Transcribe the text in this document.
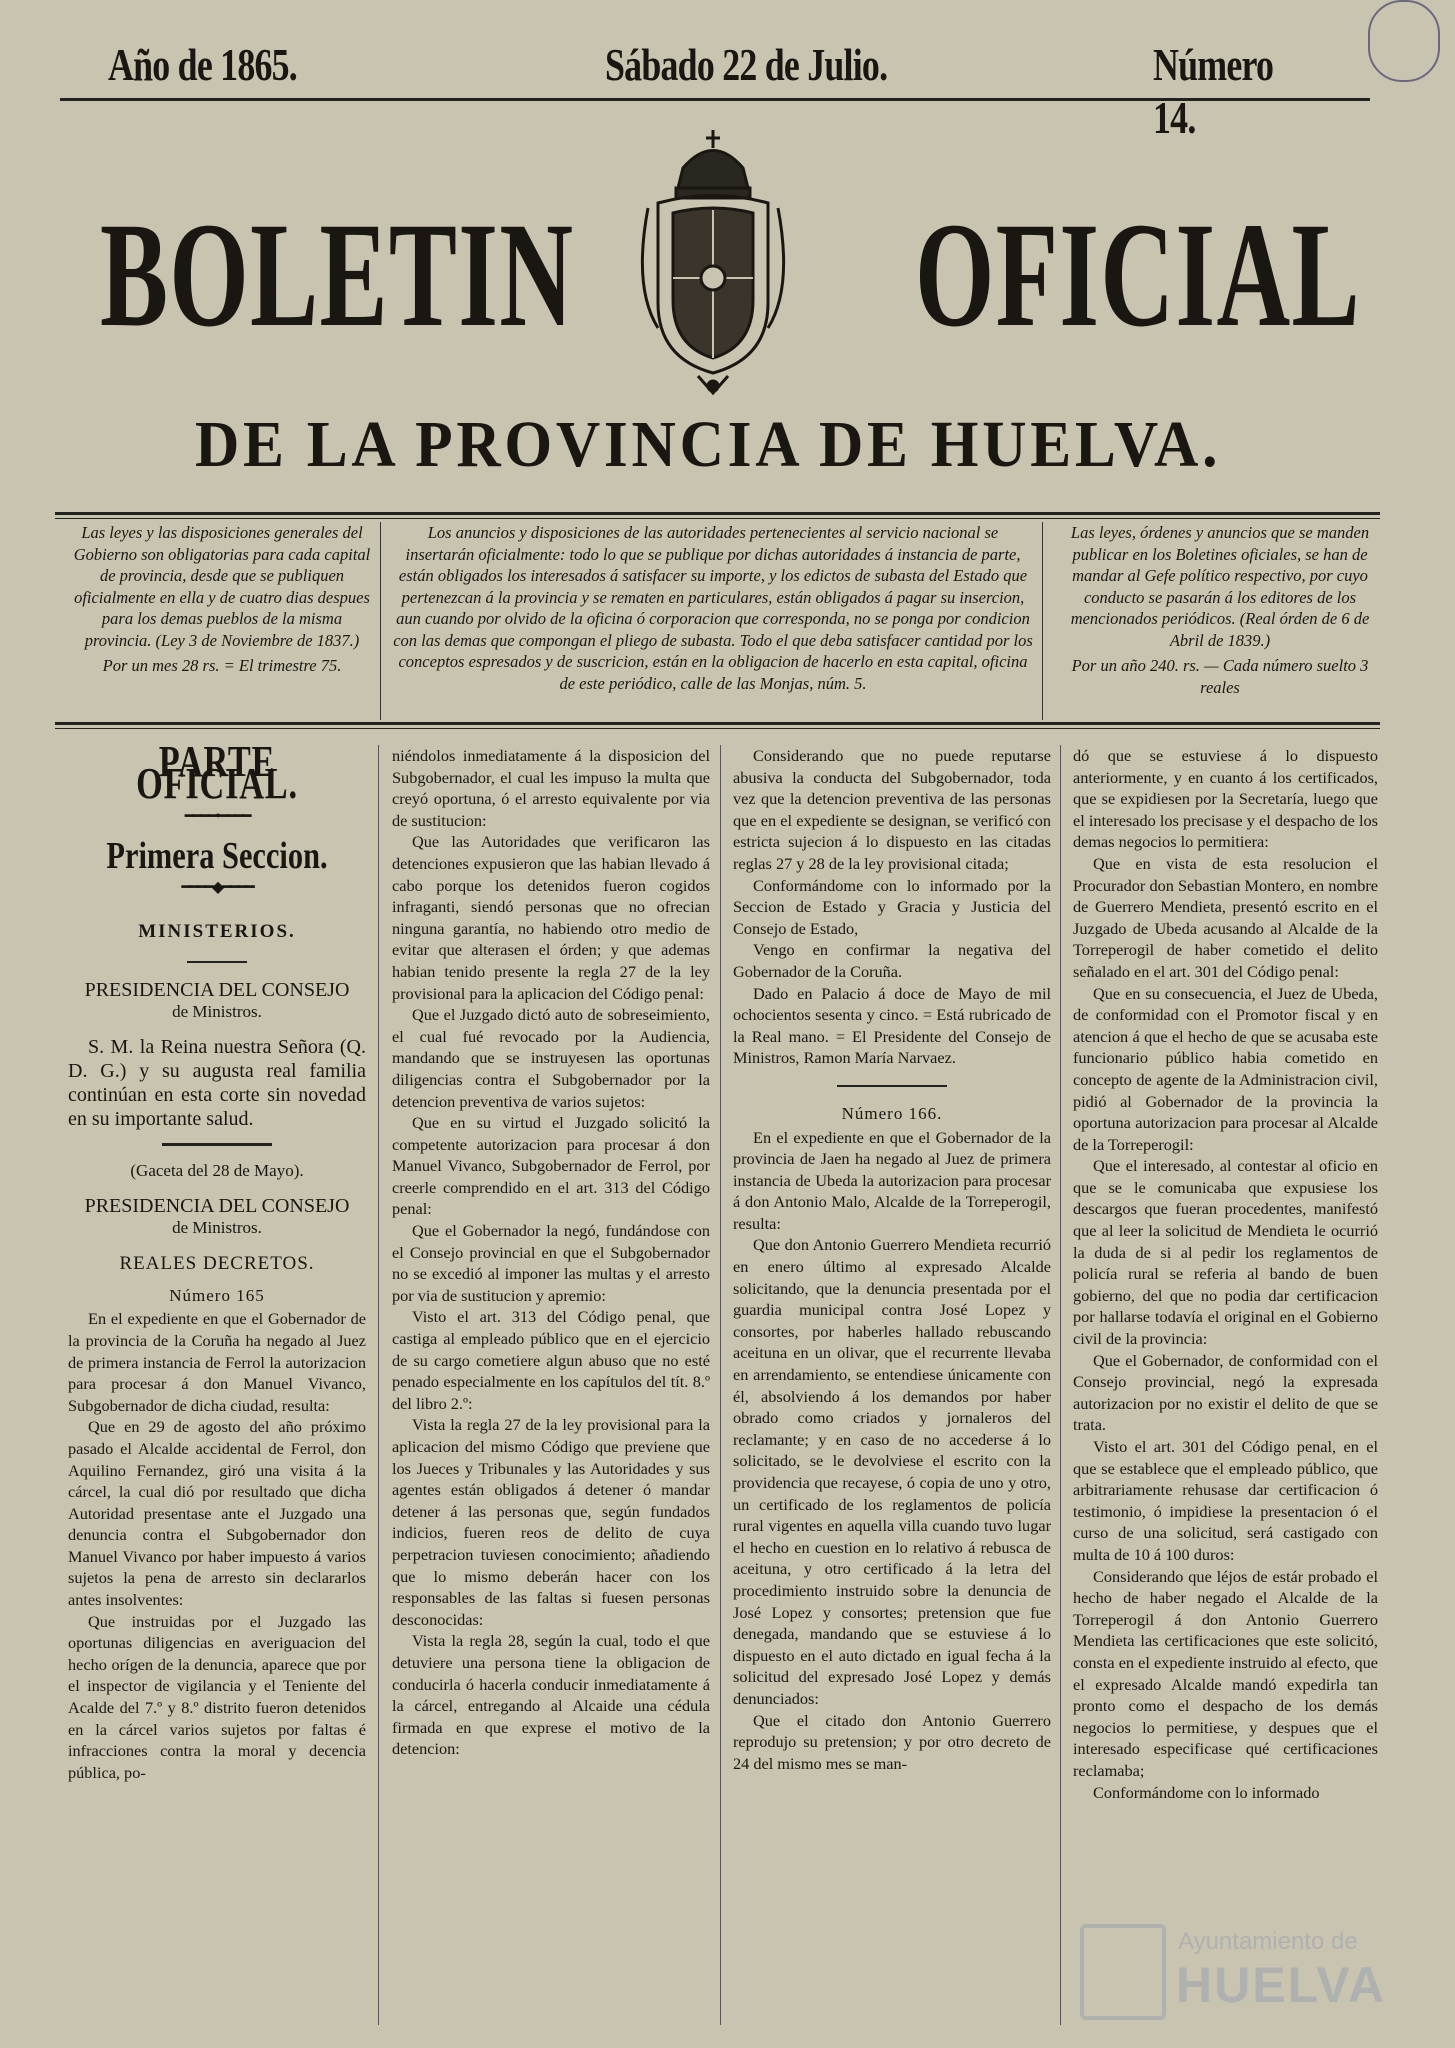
Año de 1865.	Sábado 22 de Julio.	Número 14.
BOLETIN OFICIAL
DE LA PROVINCIA DE HUELVA.

Las leyes y las disposiciones generales del Gobierno son obligatorias para cada capital de provincia, desde que se publiquen oficialmente en ella y de cuatro dias despues para los demas pueblos de la misma provincia. (Ley 3 de Noviembre de 1837.)

Por un mes 28 rs. = El trimestre 75.

Los anuncios y disposiciones de las autoridades pertenecientes al servicio nacional se insertarán oficialmente: todo lo que se publique por dichas autoridades á instancia de parte, están obligados los interesados á satisfacer su importe, y los edictos de subasta del Estado que pertenezcan á la provincia y se rematen en particulares, están obligados á pagar su insercion, aun cuando por olvido de la oficina ó corporacion que corresponda, no se ponga por condicion con las demas que compongan el pliego de subasta. Todo el que deba satisfacer cantidad por los conceptos espresados y de suscricion, están en la obligacion de hacerlo en esta capital, oficina de este periódico, calle de las Monjas, núm. 5.

Las leyes, órdenes y anuncios que se manden publicar en los Boletines oficiales, se han de mandar al Gefe político respectivo, por cuyo conducto se pasarán á los editores de los mencionados periódicos. (Real órden de 6 de Abril de 1839.)

Por un año 240. rs. — Cada número suelto 3 reales

PARTE OFICIAL.
━━━━•━━━━
Primera Seccion.
━━━━◆━━━━
MINISTERIOS.
PRESIDENCIA DEL CONSEJO
de Ministros.

S. M. la Reina nuestra Señora (Q. D. G.) y su augusta real familia continúan en esta corte sin novedad en su importante salud.

(Gaceta del 28 de Mayo).
PRESIDENCIA DEL CONSEJO
de Ministros.
REALES DECRETOS.
Número 165

En el expediente en que el Gobernador de la provincia de la Coruña ha negado al Juez de primera instancia de Ferrol la autorizacion para procesar á don Manuel Vivanco, Subgobernador de dicha ciudad, resulta:

Que en 29 de agosto del año próximo pasado el Alcalde accidental de Ferrol, don Aquilino Fernandez, giró una visita á la cárcel, la cual dió por resultado que dicha Autoridad presentase ante el Juzgado una denuncia contra el Subgobernador don Manuel Vivanco por haber impuesto á varios sujetos la pena de arresto sin declararlos antes insolventes:

Que instruidas por el Juzgado las oportunas diligencias en averiguacion del hecho orígen de la denuncia, aparece que por el inspector de vigilancia y el Teniente del Acalde del 7.º y 8.º distrito fueron detenidos en la cárcel varios sujetos por faltas é infracciones contra la moral y decencia pública, po-

niéndolos inmediatamente á la disposicion del Subgobernador, el cual les impuso la multa que creyó oportuna, ó el arresto equivalente por via de sustitucion:

Que las Autoridades que verificaron las detenciones expusieron que las habian llevado á cabo porque los detenidos fueron cogidos infraganti, siendó personas que no ofrecian ninguna garantía, no habiendo otro medio de evitar que alterasen el órden; y que ademas habian tenido presente la regla 27 de la ley provisional para la aplicacion del Código penal:

Que el Juzgado dictó auto de sobreseimiento, el cual fué revocado por la Audiencia, mandando que se instruyesen las oportunas diligencias contra el Subgobernador por la detencion preventiva de varios sujetos:

Que en su virtud el Juzgado solicitó la competente autorizacion para procesar á don Manuel Vivanco, Subgobernador de Ferrol, por creerle comprendido en el art. 313 del Código penal:

Que el Gobernador la negó, fundándose con el Consejo provincial en que el Subgobernador no se excedió al imponer las multas y el arresto por via de sustitucion y apremio:

Visto el art. 313 del Código penal, que castiga al empleado público que en el ejercicio de su cargo cometiere algun abuso que no esté penado especialmente en los capítulos del tít. 8.º del libro 2.º:

Vista la regla 27 de la ley provisional para la aplicacion del mismo Código que previene que los Jueces y Tribunales y las Autoridades y sus agentes están obligados á detener ó mandar detener á las personas que, según fundados indicios, fueren reos de delito de cuya perpetracion tuviesen conocimiento; añadiendo que lo mismo deberán hacer con los responsables de las faltas si fuesen personas desconocidas:

Vista la regla 28, según la cual, todo el que detuviere una persona tiene la obligacion de conducirla ó hacerla conducir inmediatamente á la cárcel, entregando al Alcaide una cédula firmada en que exprese el motivo de la detencion:

Considerando que no puede reputarse abusiva la conducta del Subgobernador, toda vez que la detencion preventiva de las personas que en el expediente se designan, se verificó con estricta sujecion á lo dispuesto en las citadas reglas 27 y 28 de la ley provisional citada;

Conformándome con lo informado por la Seccion de Estado y Gracia y Justicia del Consejo de Estado,

Vengo en confirmar la negativa del Gobernador de la Coruña.

Dado en Palacio á doce de Mayo de mil ochocientos sesenta y cinco. = Está rubricado de la Real mano. = El Presidente del Consejo de Ministros, Ramon María Narvaez.

Número 166.

En el expediente en que el Gobernador de la provincia de Jaen ha negado al Juez de primera instancia de Ubeda la autorizacion para procesar á don Antonio Malo, Alcalde de la Torreperogil, resulta:

Que don Antonio Guerrero Mendieta recurrió en enero último al expresado Alcalde solicitando, que la denuncia presentada por el guardia municipal contra José Lopez y consortes, por haberles hallado rebuscando aceituna en un olivar, que el recurrente llevaba en arrendamiento, se entendiese únicamente con él, absolviendo á los demandos por haber obrado como criados y jornaleros del reclamante; y en caso de no accederse á lo solicitado, se le devolviese el escrito con la providencia que recayese, ó copia de uno y otro, un certificado de los reglamentos de policía rural vigentes en aquella villa cuando tuvo lugar el hecho en cuestion en lo relativo á rebusca de aceituna, y otro certificado á la letra del procedimiento instruido sobre la denuncia de José Lopez y consortes; pretension que fue denegada, mandando que se estuviese á lo dispuesto en el auto dictado en igual fecha á la solicitud del expresado José Lopez y demás denunciados:

Que el citado don Antonio Guerrero reprodujo su pretension; y por otro decreto de 24 del mismo mes se man-

dó que se estuviese á lo dispuesto anteriormente, y en cuanto á los certificados, que se expidiesen por la Secretaría, luego que el interesado los precisase y el despacho de los demas negocios lo permitiera:

Que en vista de esta resolucion el Procurador don Sebastian Montero, en nombre de Guerrero Mendieta, presentó escrito en el Juzgado de Ubeda acusando al Alcalde de la Torreperogil de haber cometido el delito señalado en el art. 301 del Código penal:

Que en su consecuencia, el Juez de Ubeda, de conformidad con el Promotor fiscal y en atencion á que el hecho de que se acusaba este funcionario público habia cometido en concepto de agente de la Administracion civil, pidió al Gobernador de la provincia la oportuna autorizacion para procesar al Alcalde de la Torreperogil:

Que el interesado, al contestar al oficio en que se le comunicaba que expusiese los descargos que fueran procedentes, manifestó que al leer la solicitud de Mendieta le ocurrió la duda de si al pedir los reglamentos de policía rural se referia al bando de buen gobierno, del que no podia dar certificacion por hallarse todavía el original en el Gobierno civil de la provincia:

Que el Gobernador, de conformidad con el Consejo provincial, negó la expresada autorizacion por no existir el delito de que se trata.

Visto el art. 301 del Código penal, en el que se establece que el empleado público, que arbitrariamente rehusase dar certificacion ó testimonio, ó impidiese la presentacion ó el curso de una solicitud, será castigado con multa de 10 á 100 duros:

Considerando que léjos de estár probado el hecho de haber negado el Alcalde de la Torreperogil á don Antonio Guerrero Mendieta las certificaciones que este solicitó, consta en el expediente instruido al efecto, que el expresado Alcalde mandó expedirla tan pronto como el despacho de los demás negocios lo permitiese, y despues que el interesado especificase qué certificaciones reclamaba;

Conformándome con lo informado

Ayuntamiento de
HUELVA
